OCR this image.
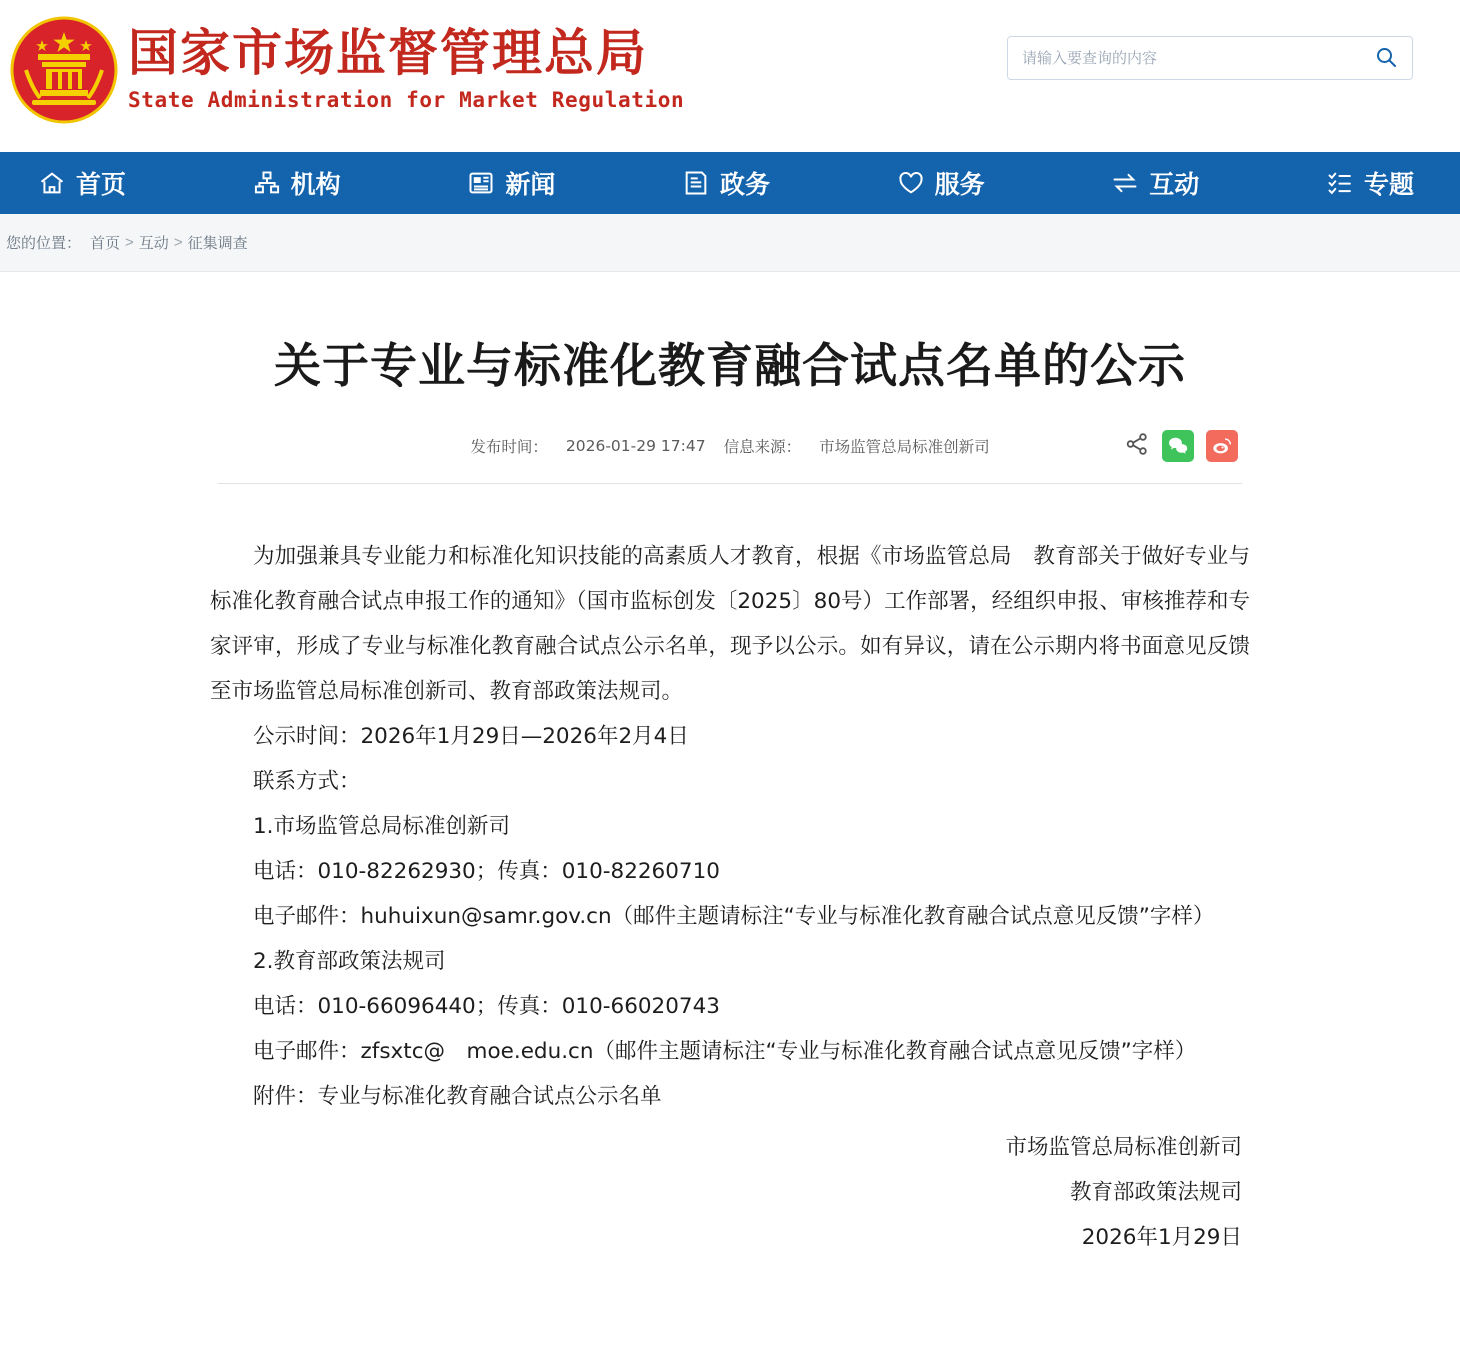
国家市场监督管理总局
State Administration for Market Regulation
请输入要查询的内容
首页	机构	新闻	政务	服务	互动	专题
您的位置： 首页 > 互动 > 征集调查
关于专业与标准化教育融合试点名单的公示
发布时间： 2026-01-29 17:47 信息来源： 市场监管总局标准创新司

为加强兼具专业能力和标准化知识技能的高素质人才教育，根据《市场监管总局　教育部关于做好专业与标准化教育融合试点申报工作的通知》（国市监标创发〔2025〕80号）工作部署，经组织申报、审核推荐和专家评审，形成了专业与标准化教育融合试点公示名单，现予以公示。如有异议，请在公示期内将书面意见反馈至市场监管总局标准创新司、教育部政策法规司。

公示时间：2026年1月29日—2026年2月4日

联系方式：

1.市场监管总局标准创新司

电话：010-82262930；传真：010-82260710

电子邮件：huhuixun@samr.gov.cn（邮件主题请标注“专业与标准化教育融合试点意见反馈”字样）

2.教育部政策法规司

电话：010-66096440；传真：010-66020743

电子邮件：zfsxtc@　moe.edu.cn（邮件主题请标注“专业与标准化教育融合试点意见反馈”字样）

附件：专业与标准化教育融合试点公示名单

市场监管总局标准创新司
教育部政策法规司
2026年1月29日
